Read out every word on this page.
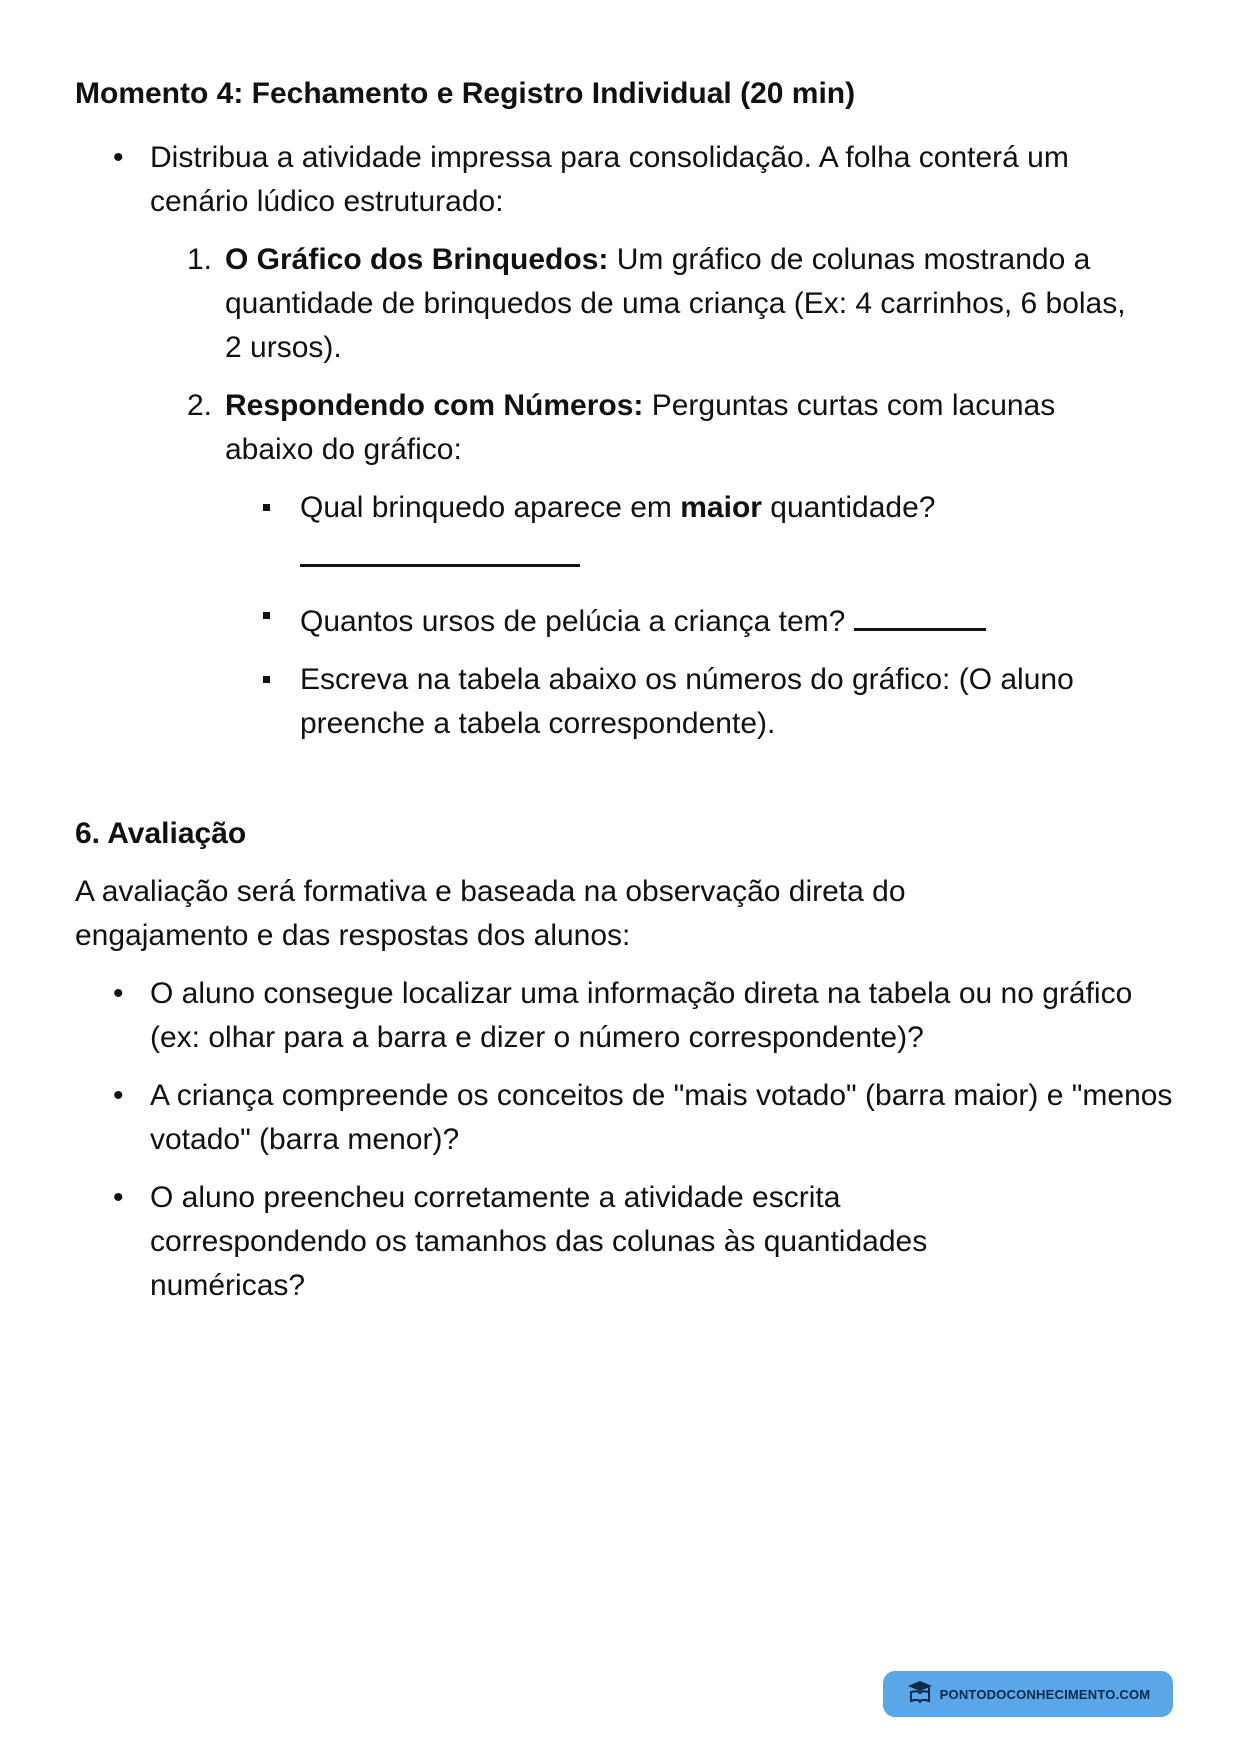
Momento 4: Fechamento e Registro Individual (20 min)

• Distribua a atividade impressa para consolidação. A folha conterá um cenário lúdico estruturado:
1. O Gráfico dos Brinquedos: Um gráfico de colunas mostrando a quantidade de brinquedos de uma criança (Ex: 4 carrinhos, 6 bolas, 2 ursos).
2. Respondendo com Números: Perguntas curtas com lacunas abaixo do gráfico:
Qual brinquedo aparece em maior quantidade?

Quantos ursos de pelúcia a criança tem?
Escreva na tabela abaixo os números do gráfico: (O aluno preenche a tabela correspondente).

6. Avaliação

A avaliação será formativa e baseada na observação direta do engajamento e das respostas dos alunos:

• O aluno consegue localizar uma informação direta na tabela ou no gráfico (ex: olhar para a barra e dizer o número correspondente)?
• A criança compreende os conceitos de "mais votado" (barra maior) e "menos votado" (barra menor)?
• O aluno preencheu corretamente a atividade escrita correspondendo os tamanhos das colunas às quantidades numéricas?
PONTODOCONHECIMENTO.COM
